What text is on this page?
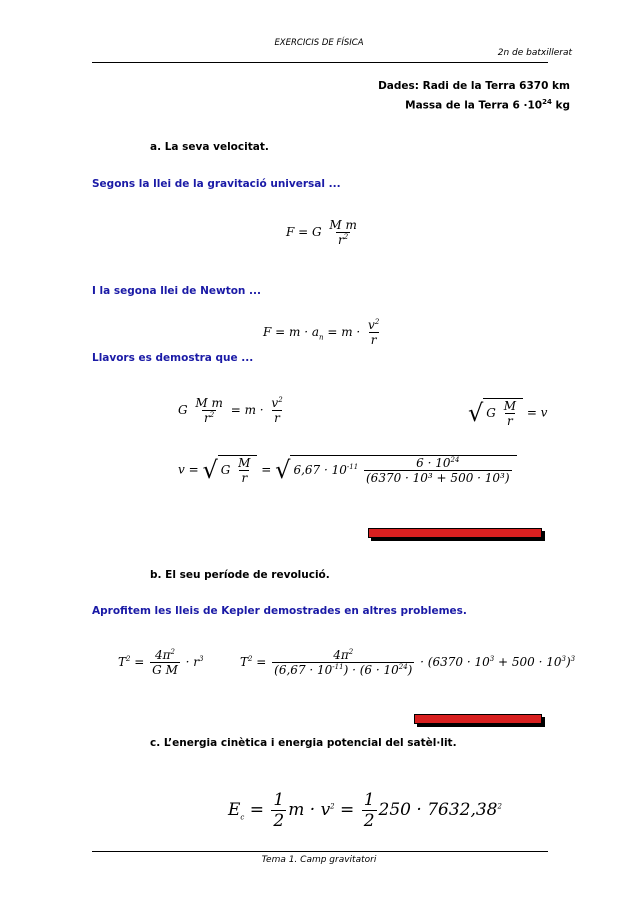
EXERCICIS DE FÍSICA
2n de batxillerat
Dades: Radi de la Terra 6370 km
Massa de la Terra $6 \cdot 10^{24}$ kg
a. La seva velocitat.
Segons la llei de la gravitació universal ...
F = G $\frac{\text{M m}}{r^2}$
I la segona llei de Newton ...
$F = m \cdot a_n = m \cdot \frac{v^2}{r}$
Llavors es demostra que ...
G $\frac{\text{M m}}{r^2} = m \cdot \frac{v^2}{r}$	√ G $\frac{M}{r} = v$
v = √ G $\frac{M}{r}$ = √ $6,67 \cdot 10^{-11} \frac{6 \cdot 10^{24}}{\text{(6370 · 10³ + 500 · 10³)}}$
b. El seu període de revolució.
Aprofitem les lleis de Kepler demostrades en altres problemes.
$T^2 = \frac{4\pi^2}{\text{G M}} \cdot r^3$	$T^2 = \frac{4\pi^2}{(6,67 \cdot 10^{-11}) \cdot (6 \cdot 10^{24})} \cdot (6370 \cdot 10^3 + 500 \cdot 10^3)^3$
c. L’energia cinètica i energia potencial del satèl·lit.
$E_c = \frac{1}{2}$ $m \cdot v^2 = \frac{1}{2} 250 \cdot 7632,38^2$
Tema 1. Camp gravitatori
